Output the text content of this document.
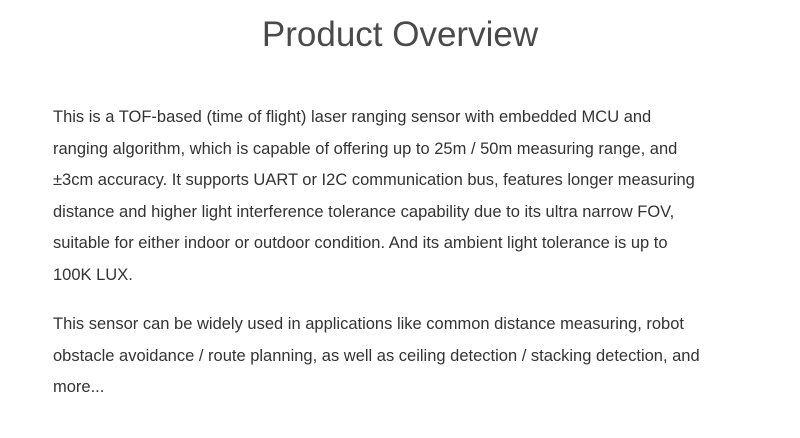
Product Overview

This is a TOF-based (time of flight) laser ranging sensor with embedded MCU and
ranging algorithm, which is capable of offering up to 25m / 50m measuring range, and
±3cm accuracy. It supports UART or I2C communication bus, features longer measuring
distance and higher light interference tolerance capability due to its ultra narrow FOV,
suitable for either indoor or outdoor condition. And its ambient light tolerance is up to
100K LUX.

This sensor can be widely used in applications like common distance measuring, robot
obstacle avoidance / route planning, as well as ceiling detection / stacking detection, and
more...
